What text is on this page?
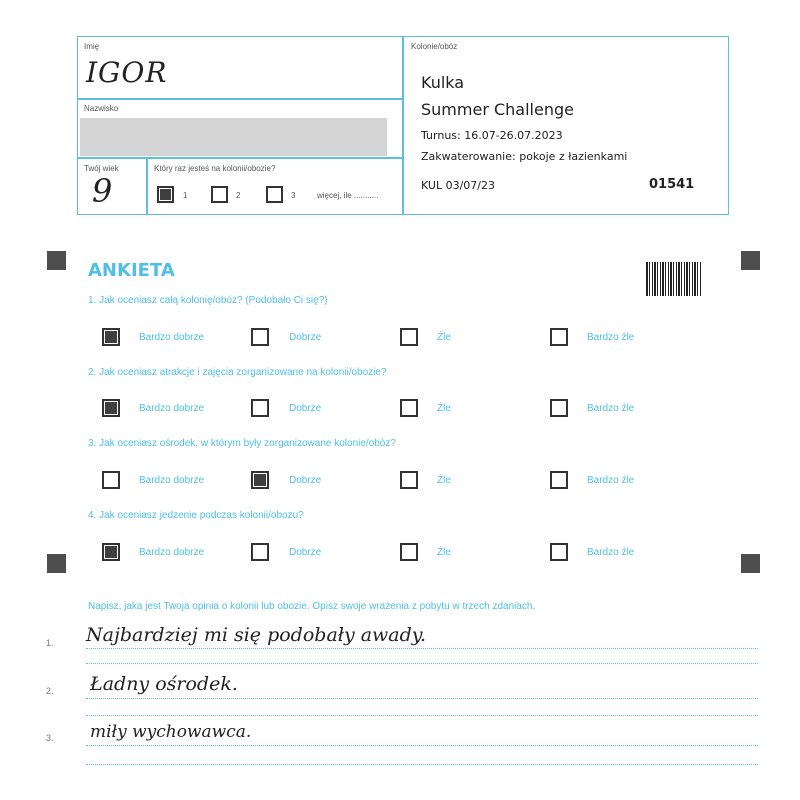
Imię
IGOR
Nazwisko
Twój wiek
9
Który raz jesteś na kolonii/obozie?
1	2	3	więcej, ile ...........
Kolonie/obóz
Kulka
Summer Challenge
Turnus: 16.07-26.07.2023
Zakwaterowanie: pokoje z łazienkami
KUL 03/07/23	01541
ANKIETA
1. Jak oceniasz całą kolonię/obóz? (Podobało Ci się?)
Bardzo dobrze	Dobrze	Źle	Bardzo źle
2. Jak oceniasz atrakcje i zajęcia zorganizowane na kolonii/obozie?
Bardzo dobrze	Dobrze	Źle	Bardzo źle
3. Jak oceniasz ośrodek, w którym były zorganizowane kolonie/obóz?
Bardzo dobrze	Dobrze	Źle	Bardzo źle
4. Jak oceniasz jedzenie podczas kolonii/obozu?
Bardzo dobrze	Dobrze	Źle	Bardzo źle
Napisz, jaka jest Twoja opinia o kolonii lub obozie. Opisz swoje wrażenia z pobytu w trzech zdaniach.
1. Najbardziej mi się podobały awady.
2. Ładny ośrodek.
3. miły wychowawca.
